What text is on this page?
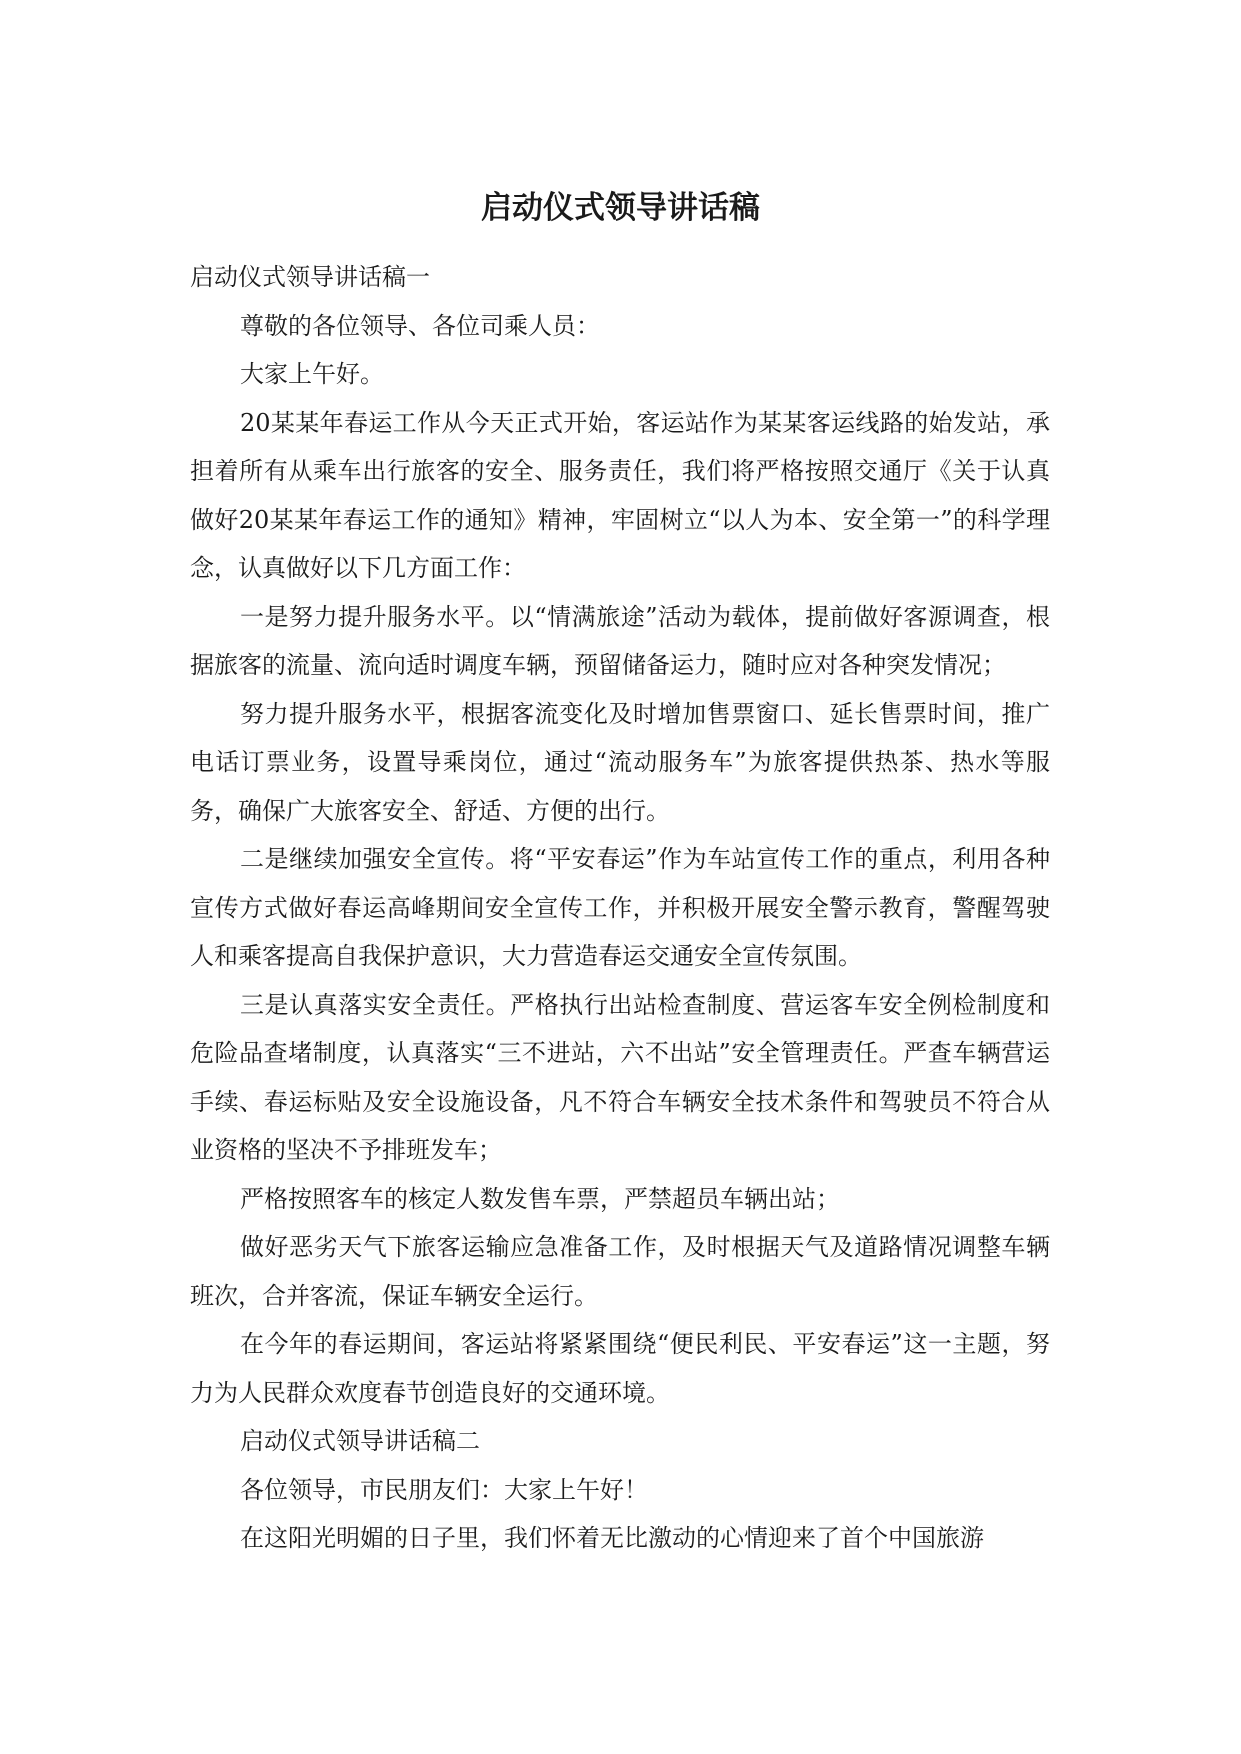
启动仪式领导讲话稿

启动仪式领导讲话稿一

尊敬的各位领导、各位司乘人员：

大家上午好。

20某某年春运工作从今天正式开始，客运站作为某某客运线路的始发站，承担着所有从乘车出行旅客的安全、服务责任，我们将严格按照交通厅《关于认真做好20某某年春运工作的通知》精神，牢固树立“以人为本、安全第一”的科学理念，认真做好以下几方面工作：

一是努力提升服务水平。以“情满旅途”活动为载体，提前做好客源调查，根据旅客的流量、流向适时调度车辆，预留储备运力，随时应对各种突发情况；

努力提升服务水平，根据客流变化及时增加售票窗口、延长售票时间，推广电话订票业务，设置导乘岗位，通过“流动服务车”为旅客提供热茶、热水等服务，确保广大旅客安全、舒适、方便的出行。

二是继续加强安全宣传。将“平安春运”作为车站宣传工作的重点，利用各种宣传方式做好春运高峰期间安全宣传工作，并积极开展安全警示教育，警醒驾驶人和乘客提高自我保护意识，大力营造春运交通安全宣传氛围。

三是认真落实安全责任。严格执行出站检查制度、营运客车安全例检制度和危险品查堵制度，认真落实“三不进站，六不出站”安全管理责任。严查车辆营运手续、春运标贴及安全设施设备，凡不符合车辆安全技术条件和驾驶员不符合从业资格的坚决不予排班发车；

严格按照客车的核定人数发售车票，严禁超员车辆出站；

做好恶劣天气下旅客运输应急准备工作，及时根据天气及道路情况调整车辆班次，合并客流，保证车辆安全运行。

在今年的春运期间，客运站将紧紧围绕“便民利民、平安春运”这一主题，努力为人民群众欢度春节创造良好的交通环境。

启动仪式领导讲话稿二

各位领导，市民朋友们：大家上午好！

在这阳光明媚的日子里，我们怀着无比激动的心情迎来了首个中国旅游
